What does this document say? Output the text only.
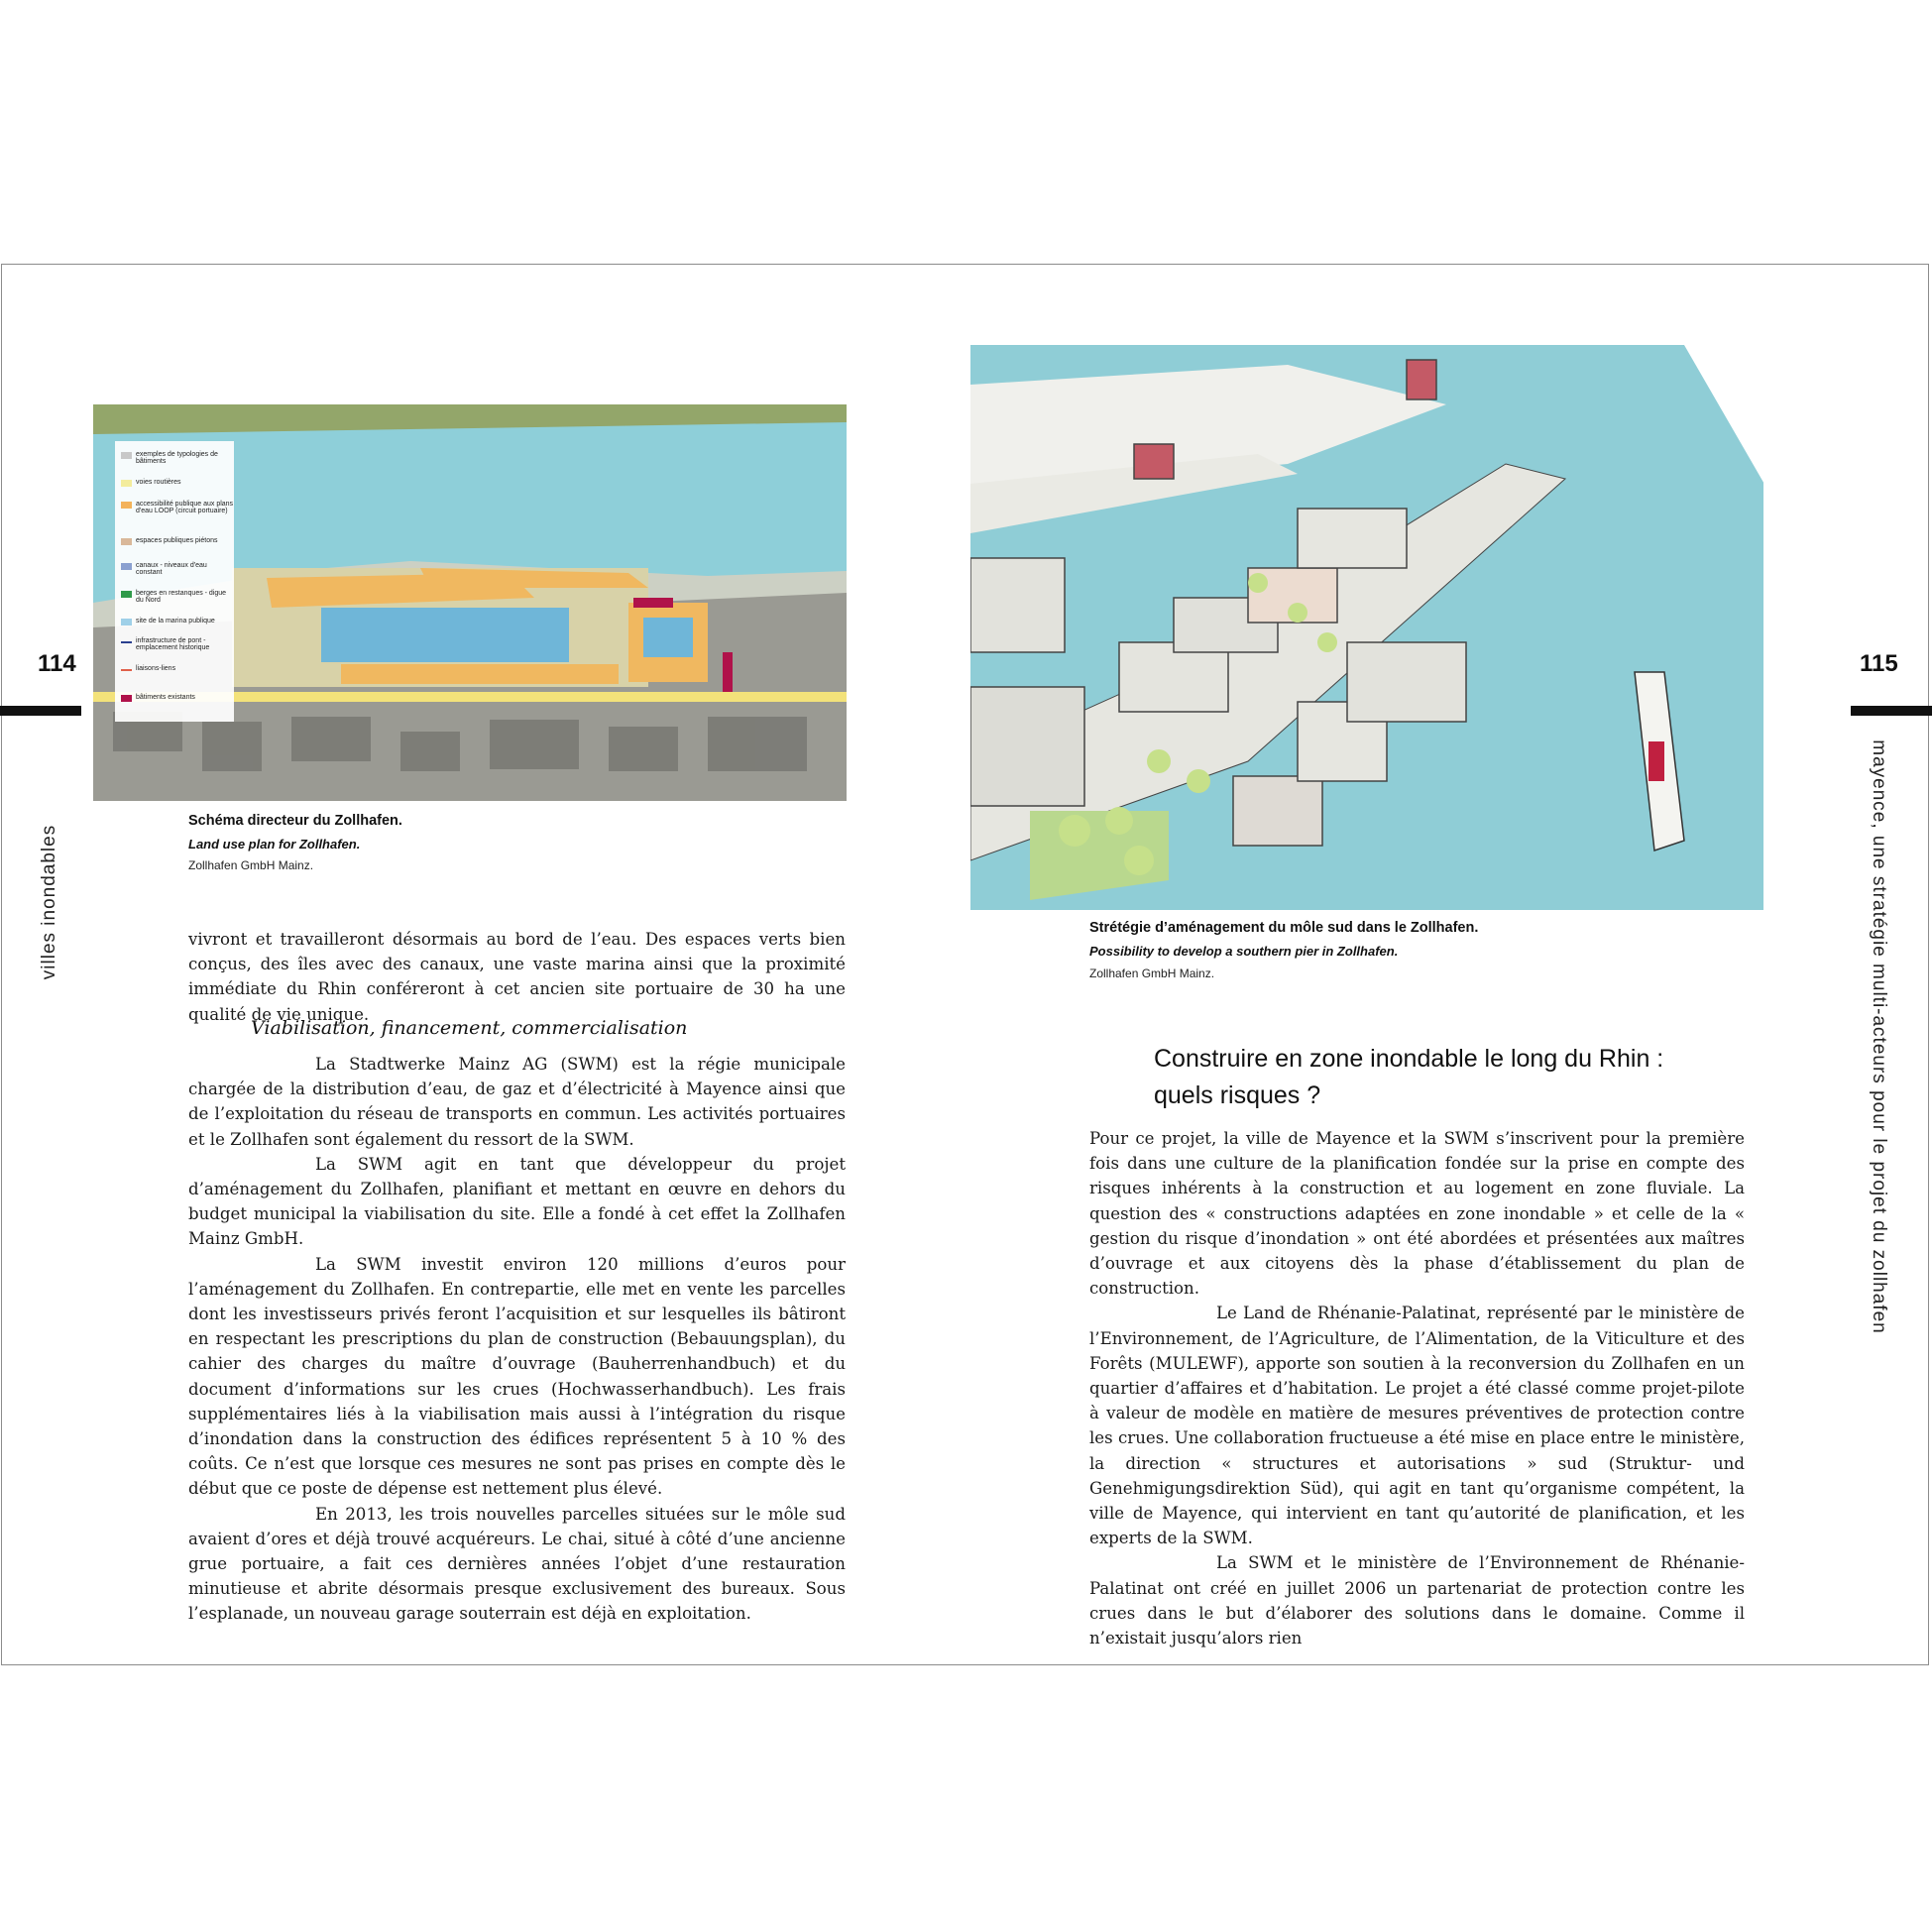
114
villes inondables
exemples de typologies de bâtiments
voies routières
accessibilité publique aux plans d'eau LOOP (circuit portuaire)
espaces publiques piétons
canaux - niveaux d'eau constant
berges en restanques - digue du Nord
site de la marina publique
infrastructure de pont - emplacement historique
liaisons-liens
bâtiments existants
Schéma directeur du Zollhafen.
Land use plan for Zollhafen.
Zollhafen GmbH Mainz.

vivront et travailleront désormais au bord de l’eau. Des espaces verts bien conçus, des îles avec des canaux, une vaste marina ainsi que la proximité immédiate du Rhin conféreront à cet ancien site portuaire de 30 ha une qualité de vie unique.

Viabilisation, financement, commercialisation

La Stadtwerke Mainz AG (SWM) est la régie municipale chargée de la distribution d’eau, de gaz et d’électricité à Mayence ainsi que de l’exploitation du réseau de transports en commun. Les activités portuaires et le Zollhafen sont également du ressort de la SWM.

La SWM agit en tant que développeur du projet d’aménagement du Zollhafen, planifiant et mettant en œuvre en dehors du budget municipal la viabilisation du site. Elle a fondé à cet effet la Zollhafen Mainz GmbH.

La SWM investit environ 120 millions d’euros pour l’aménagement du Zollhafen. En contrepartie, elle met en vente les parcelles dont les investisseurs privés feront l’acquisition et sur lesquelles ils bâtiront en respectant les prescriptions du plan de construction (Bebauungsplan), du cahier des charges du maître d’ouvrage (Bauherrenhandbuch) et du document d’informations sur les crues (Hochwasserhandbuch). Les frais supplémentaires liés à la viabilisation mais aussi à l’intégration du risque d’inondation dans la construction des édifices représentent 5 à 10 % des coûts. Ce n’est que lorsque ces mesures ne sont pas prises en compte dès le début que ce poste de dépense est nettement plus élevé.

En 2013, les trois nouvelles parcelles situées sur le môle sud avaient d’ores et déjà trouvé acquéreurs. Le chai, situé à côté d’une ancienne grue portuaire, a fait ces dernières années l’objet d’une restauration minutieuse et abrite désormais presque exclusivement des bureaux. Sous l’esplanade, un nouveau garage souterrain est déjà en exploitation.

115
mayence, une stratégie multi-acteurs pour le projet du zollhafen
Strétégie d’aménagement du môle sud dans le Zollhafen.
Possibility to develop a southern pier in Zollhafen.
Zollhafen GmbH Mainz.
Construire en zone inondable le long du Rhin :
quels risques ?

Pour ce projet, la ville de Mayence et la SWM s’inscrivent pour la première fois dans une culture de la planification fondée sur la prise en compte des risques inhérents à la construction et au logement en zone fluviale. La question des « constructions adaptées en zone inondable » et celle de la « gestion du risque d’inondation » ont été abordées et présentées aux maîtres d’ouvrage et aux citoyens dès la phase d’établissement du plan de construction.

Le Land de Rhénanie-Palatinat, représenté par le ministère de l’Environnement, de l’Agriculture, de l’Alimentation, de la Viticulture et des Forêts (MULEWF), apporte son soutien à la reconversion du Zollhafen en un quartier d’affaires et d’habitation. Le projet a été classé comme projet-pilote à valeur de modèle en matière de mesures préventives de protection contre les crues. Une collaboration fructueuse a été mise en place entre le ministère, la direction « structures et autorisations » sud (Struktur- und Genehmigungsdirektion Süd), qui agit en tant qu’organisme compétent, la ville de Mayence, qui intervient en tant qu’autorité de planification, et les experts de la SWM.

La SWM et le ministère de l’Environnement de Rhénanie-Palatinat ont créé en juillet 2006 un partenariat de protection contre les crues dans le but d’élaborer des solutions dans le domaine. Comme il n’existait jusqu’alors rien
